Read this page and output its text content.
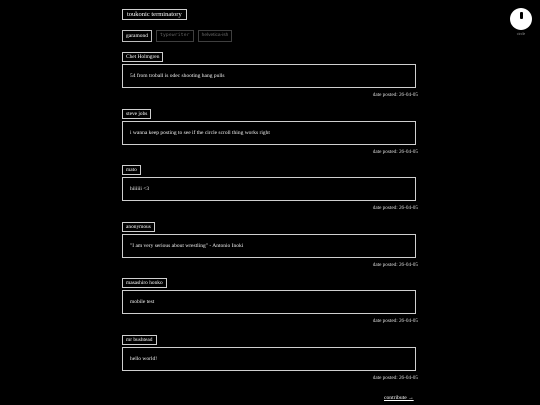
toukonic terminatory
garamond	typewriter	helvetica-ish	circle
Chet Holmgren
54 from troball is odec shooting hang pulls
date posted: 26-04-05
steve jobs
i wanna keep posting to see if the circle scroll thing works right
date posted: 26-04-05
mato
hiiiiii <3
date posted: 26-04-05
anonymous
"I am very serious about wrestling" - Antonio Inoki
date posted: 26-04-05
masashiro honko
mobile test
date posted: 26-04-05
mr bushtead
hello world!
date posted: 26-04-05
contribute →
